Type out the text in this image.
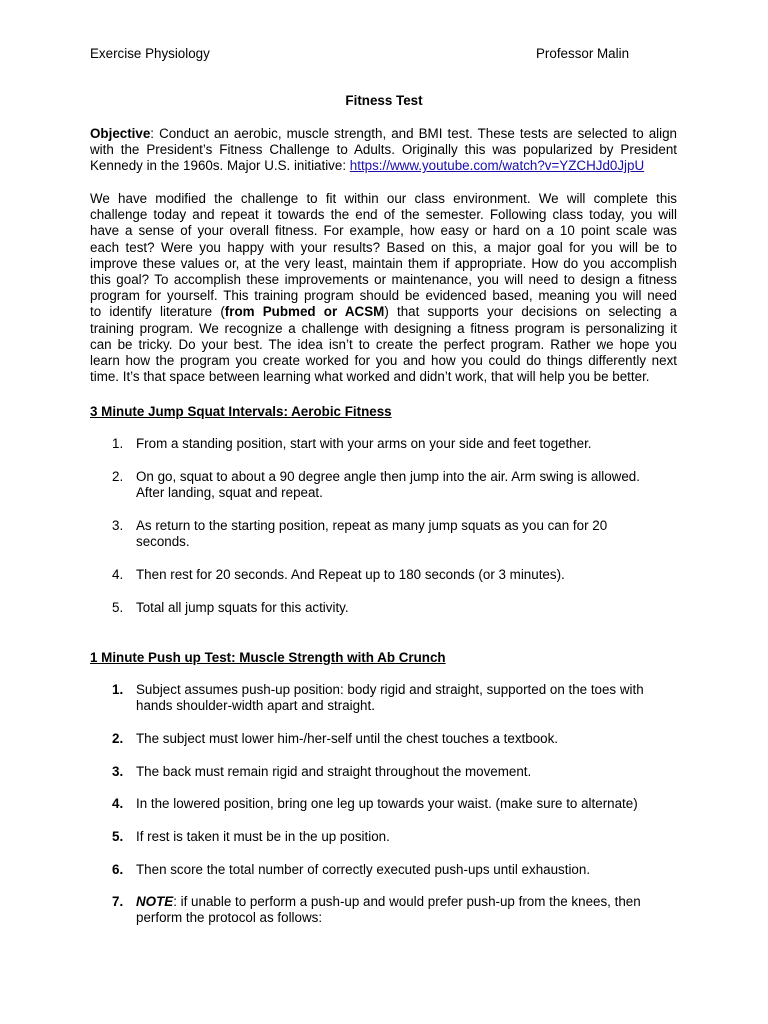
Exercise Physiology	Professor Malin
Fitness Test
Objective: Conduct an aerobic, muscle strength, and BMI test. These tests are selected to align
with the President’s Fitness Challenge to Adults. Originally this was popularized by President
Kennedy in the 1960s. Major U.S. initiative: https://www.youtube.com/watch?v=YZCHJd0JjpU
We have modified the challenge to fit within our class environment. We will complete this
challenge today and repeat it towards the end of the semester. Following class today, you will
have a sense of your overall fitness. For example, how easy or hard on a 10 point scale was
each test? Were you happy with your results? Based on this, a major goal for you will be to
improve these values or, at the very least, maintain them if appropriate. How do you accomplish
this goal? To accomplish these improvements or maintenance, you will need to design a fitness
program for yourself. This training program should be evidenced based, meaning you will need
to identify literature (from Pubmed or ACSM) that supports your decisions on selecting a
training program. We recognize a challenge with designing a fitness program is personalizing it
can be tricky. Do your best. The idea isn’t to create the perfect program. Rather we hope you
learn how the program you create worked for you and how you could do things differently next
time. It’s that space between learning what worked and didn’t work, that will help you be better.
3 Minute Jump Squat Intervals: Aerobic Fitness
1. From a standing position, start with your arms on your side and feet together.
2. On go, squat to about a 90 degree angle then jump into the air. Arm swing is allowed.
After landing, squat and repeat.
3. As return to the starting position, repeat as many jump squats as you can for 20
seconds.
4. Then rest for 20 seconds. And Repeat up to 180 seconds (or 3 minutes).
5. Total all jump squats for this activity.
1 Minute Push up Test: Muscle Strength with Ab Crunch
1. Subject assumes push-up position: body rigid and straight, supported on the toes with
hands shoulder-width apart and straight.
2. The subject must lower him-/her-self until the chest touches a textbook.
3. The back must remain rigid and straight throughout the movement.
4. In the lowered position, bring one leg up towards your waist. (make sure to alternate)
5. If rest is taken it must be in the up position.
6. Then score the total number of correctly executed push-ups until exhaustion.
7. NOTE: if unable to perform a push-up and would prefer push-up from the knees, then
perform the protocol as follows:
